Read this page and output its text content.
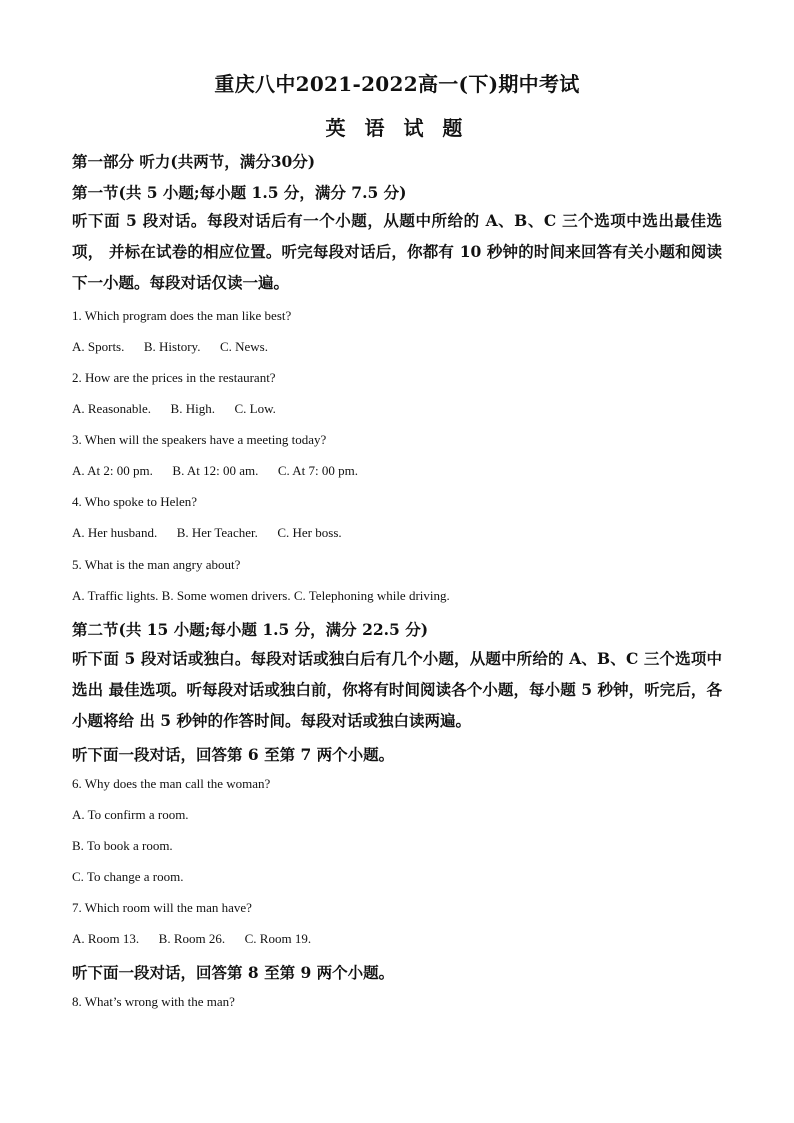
重庆八中2021-2022高一(下)期中考试
英 语 试 题
第一部分 听力(共两节，满分30分)
第一节(共 5 小题;每小题 1.5 分，满分 7.5 分)
听下面 5 段对话。每段对话后有一个小题，从题中所给的 A、B、C 三个选项中选出最佳选项， 并标在试卷的相应位置。听完每段对话后，你都有 10 秒钟的时间来回答有关小题和阅读下一小题。每段对话仅读一遍。
1. Which program does the man like best?
A. Sports.      B. History.      C. News.
2. How are the prices in the restaurant?
A. Reasonable.      B. High.      C. Low.
3. When will the speakers have a meeting today?
A. At 2: 00 pm.      B. At 12: 00 am.      C. At 7: 00 pm.
4. Who spoke to Helen?
A. Her husband.      B. Her Teacher.      C. Her boss.
5. What is the man angry about?
A. Traffic lights. B. Some women drivers. C. Telephoning while driving.
第二节(共 15 小题;每小题 1.5 分，满分 22.5 分)
听下面 5 段对话或独白。每段对话或独白后有几个小题，从题中所给的 A、B、C 三个选项中选出 最佳选项。听每段对话或独白前，你将有时间阅读各个小题，每小题 5 秒钟，听完后，各小题将给 出 5 秒钟的作答时间。每段对话或独白读两遍。
听下面一段对话，回答第 6 至第 7 两个小题。
6. Why does the man call the woman?
A. To confirm a room.
B. To book a room.
C. To change a room.
7. Which room will the man have?
A. Room 13.      B. Room 26.      C. Room 19.
听下面一段对话，回答第 8 至第 9 两个小题。
8. What’s wrong with the man?
